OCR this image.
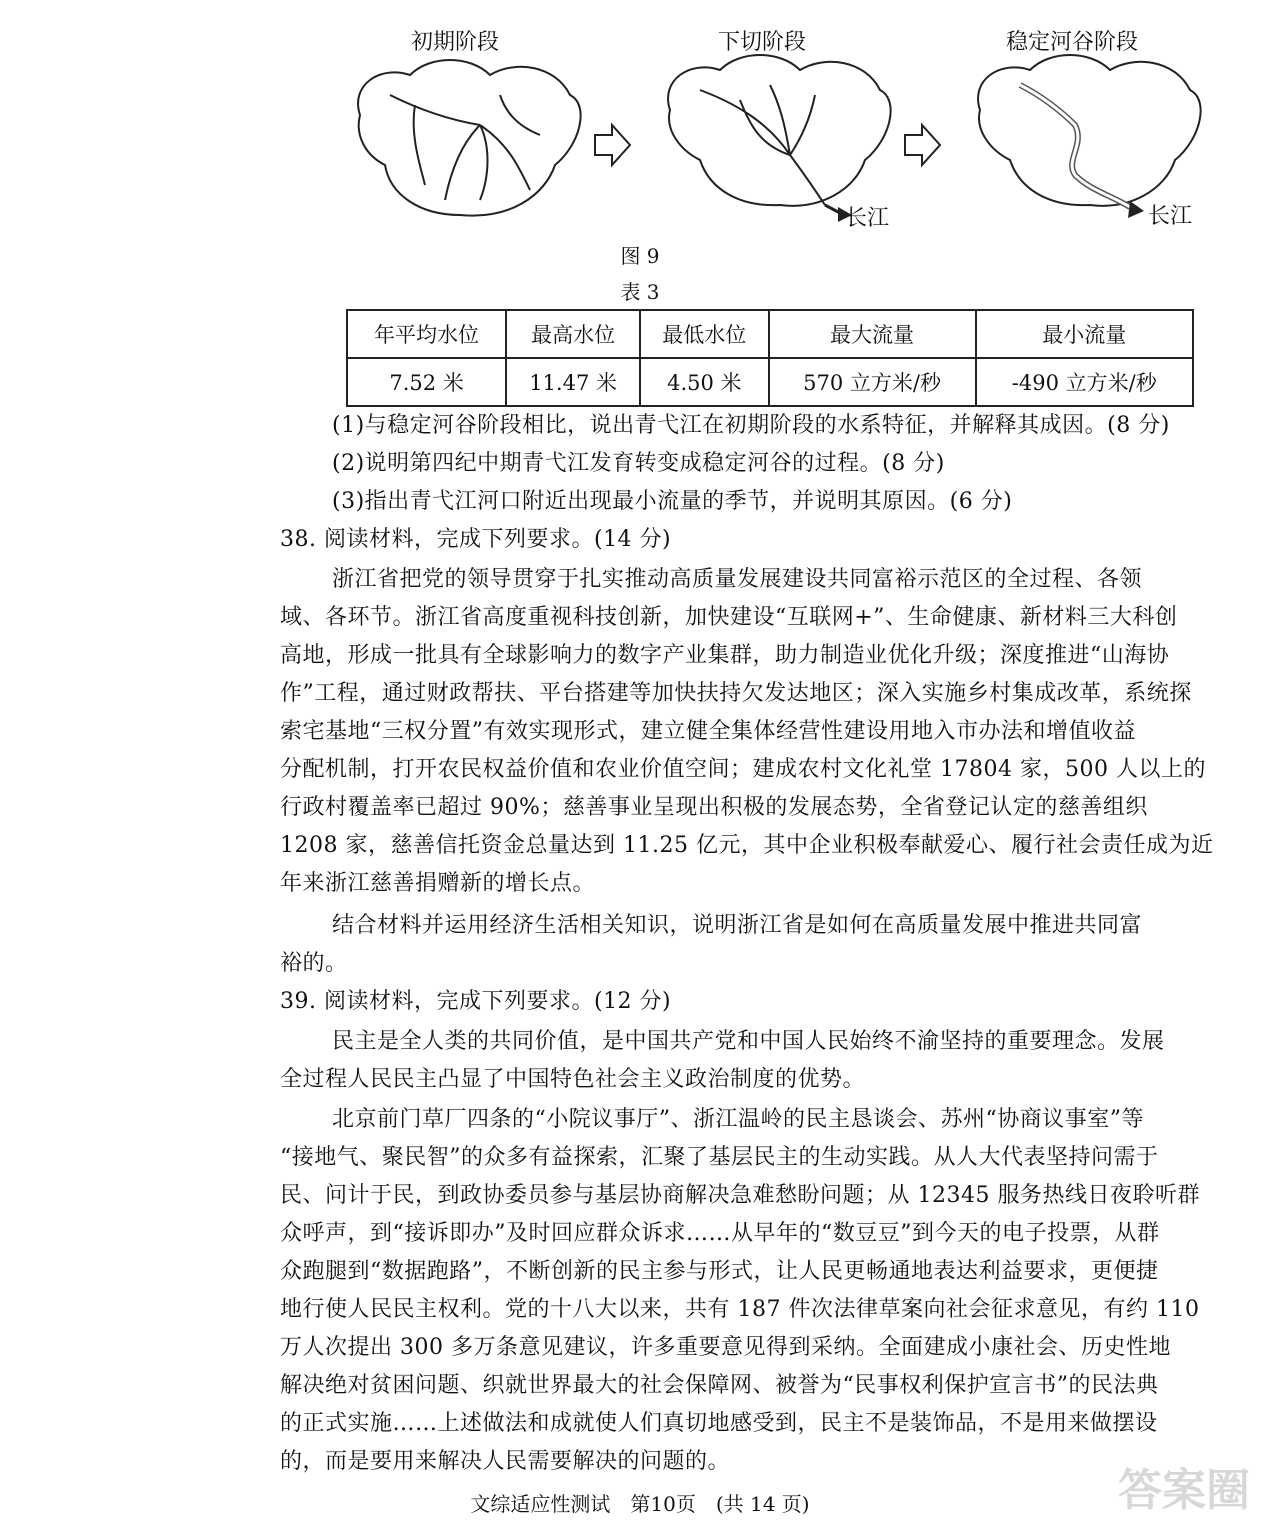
初期阶段	下切阶段	稳定河谷阶段
长江	长江
图 9
表 3
年平均水位	最高水位	最低水位	最大流量	最小流量
7.52 米	11.47 米	4.50 米	570 立方米/秒	-490 立方米/秒
(1)与稳定河谷阶段相比，说出青弋江在初期阶段的水系特征，并解释其成因。(8 分)
(2)说明第四纪中期青弋江发育转变成稳定河谷的过程。(8 分)
(3)指出青弋江河口附近出现最小流量的季节，并说明其原因。(6 分)
38. 阅读材料，完成下列要求。(14 分)
浙江省把党的领导贯穿于扎实推动高质量发展建设共同富裕示范区的全过程、各领
域、各环节。浙江省高度重视科技创新，加快建设“互联网+”、生命健康、新材料三大科创
高地，形成一批具有全球影响力的数字产业集群，助力制造业优化升级；深度推进“山海协
作”工程，通过财政帮扶、平台搭建等加快扶持欠发达地区；深入实施乡村集成改革，系统探
索宅基地“三权分置”有效实现形式，建立健全集体经营性建设用地入市办法和增值收益
分配机制，打开农民权益价值和农业价值空间；建成农村文化礼堂 17804 家，500 人以上的
行政村覆盖率已超过 90%；慈善事业呈现出积极的发展态势，全省登记认定的慈善组织
1208 家，慈善信托资金总量达到 11.25 亿元，其中企业积极奉献爱心、履行社会责任成为近
年来浙江慈善捐赠新的增长点。
结合材料并运用经济生活相关知识，说明浙江省是如何在高质量发展中推进共同富
裕的。
39. 阅读材料，完成下列要求。(12 分)
民主是全人类的共同价值，是中国共产党和中国人民始终不渝坚持的重要理念。发展
全过程人民民主凸显了中国特色社会主义政治制度的优势。
北京前门草厂四条的“小院议事厅”、浙江温岭的民主恳谈会、苏州“协商议事室”等
“接地气、聚民智”的众多有益探索，汇聚了基层民主的生动实践。从人大代表坚持问需于
民、问计于民，到政协委员参与基层协商解决急难愁盼问题；从 12345 服务热线日夜聆听群
众呼声，到“接诉即办”及时回应群众诉求……从早年的“数豆豆”到今天的电子投票，从群
众跑腿到“数据跑路”，不断创新的民主参与形式，让人民更畅通地表达利益要求，更便捷
地行使人民民主权利。党的十八大以来，共有 187 件次法律草案向社会征求意见，有约 110
万人次提出 300 多万条意见建议，许多重要意见得到采纳。全面建成小康社会、历史性地
解决绝对贫困问题、织就世界最大的社会保障网、被誉为“民事权利保护宣言书”的民法典
的正式实施……上述做法和成就使人们真切地感受到，民主不是装饰品，不是用来做摆设
的，而是要用来解决人民需要解决的问题的。
文综适应性测试　第10页　(共 14 页)	答案圈
